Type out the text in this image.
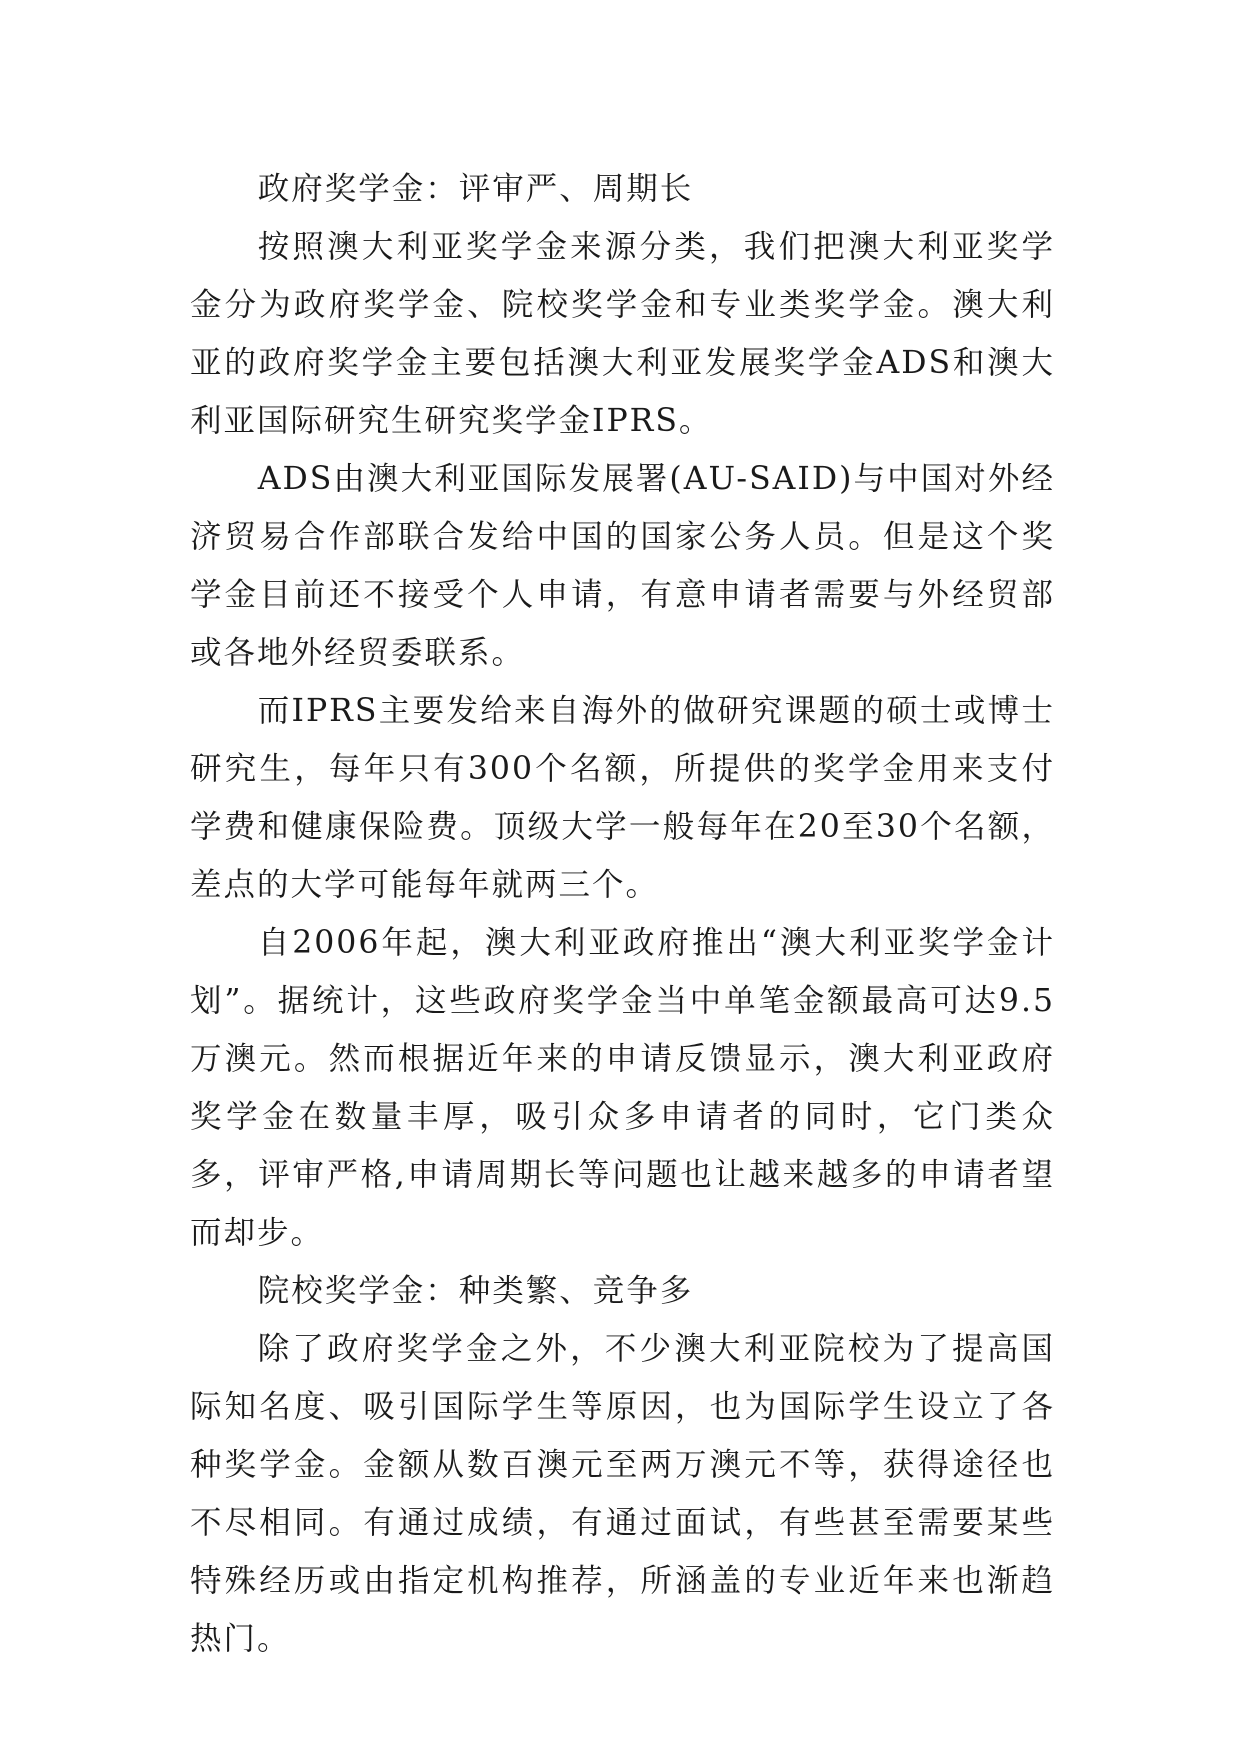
政府奖学金：评审严、周期长

按照澳大利亚奖学金来源分类，我们把澳大利亚奖学金分为政府奖学金、院校奖学金和专业类奖学金。澳大利亚的政府奖学金主要包括澳大利亚发展奖学金ADS和澳大利亚国际研究生研究奖学金IPRS。

ADS由澳大利亚国际发展署(AU-SAID)与中国对外经济贸易合作部联合发给中国的国家公务人员。但是这个奖学金目前还不接受个人申请，有意申请者需要与外经贸部或各地外经贸委联系。

而IPRS主要发给来自海外的做研究课题的硕士或博士研究生，每年只有300个名额，所提供的奖学金用来支付学费和健康保险费。顶级大学一般每年在20至30个名额，差点的大学可能每年就两三个。

自2006年起，澳大利亚政府推出“澳大利亚奖学金计划”。据统计，这些政府奖学金当中单笔金额最高可达9.5万澳元。然而根据近年来的申请反馈显示，澳大利亚政府奖学金在数量丰厚，吸引众多申请者的同时，它门类众多，评审严格,申请周期长等问题也让越来越多的申请者望而却步。

院校奖学金：种类繁、竞争多

除了政府奖学金之外，不少澳大利亚院校为了提高国际知名度、吸引国际学生等原因，也为国际学生设立了各种奖学金。金额从数百澳元至两万澳元不等，获得途径也不尽相同。有通过成绩，有通过面试，有些甚至需要某些特殊经历或由指定机构推荐，所涵盖的专业近年来也渐趋热门。
